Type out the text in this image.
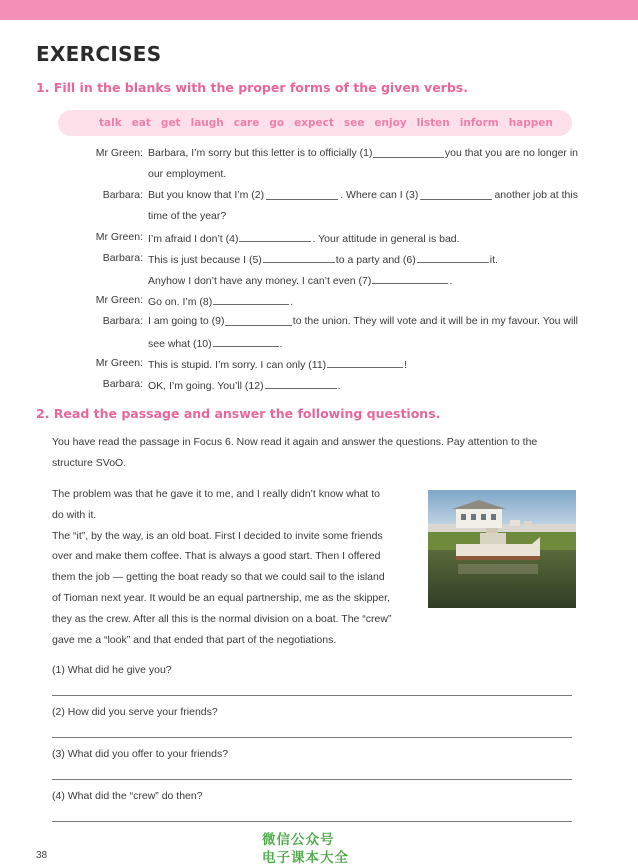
EXERCISES
1. Fill in the blanks with the proper forms of the given verbs.
talk eat get laugh care go expect see enjoy listen inform happen
Mr Green: Barbara, I’m sorry but this letter is to officially (1)	you that you are no longer in
our employment.
Barbara: But you know that I’m (2)	. Where can I (3)	another job at this
time of the year?
Mr Green: I’m afraid I don’t (4)	. Your attitude in general is bad.
Barbara: This is just because I (5)	to a party and (6)	it.
Anyhow I don’t have any money. I can’t even (7)	.
Mr Green: Go on. I’m (8)	.
Barbara: I am going to (9)	to the union. They will vote and it will be in my favour. You will
see what (10)	.
Mr Green: This is stupid. I’m sorry. I can only (11)	!
Barbara: OK, I’m going. You’ll (12)	.
2. Read the passage and answer the following questions.
You have read the passage in Focus 6. Now read it again and answer the questions. Pay attention to the
structure SVoO.
The problem was that he gave it to me, and I really didn’t know what to
do with it.
The “it”, by the way, is an old boat. First I decided to invite some friends
over and make them coffee. That is always a good start. Then I offered
them the job — getting the boat ready so that we could sail to the island
of Tioman next year. It would be an equal partnership, me as the skipper,
they as the crew. After all this is the normal division on a boat. The “crew”
gave me a “look” and that ended that part of the negotiations.
(1) What did he give you?
(2) How did you serve your friends?
(3) What did you offer to your friends?
(4) What did the “crew” do then?
38
微信公众号
电子课本大全
